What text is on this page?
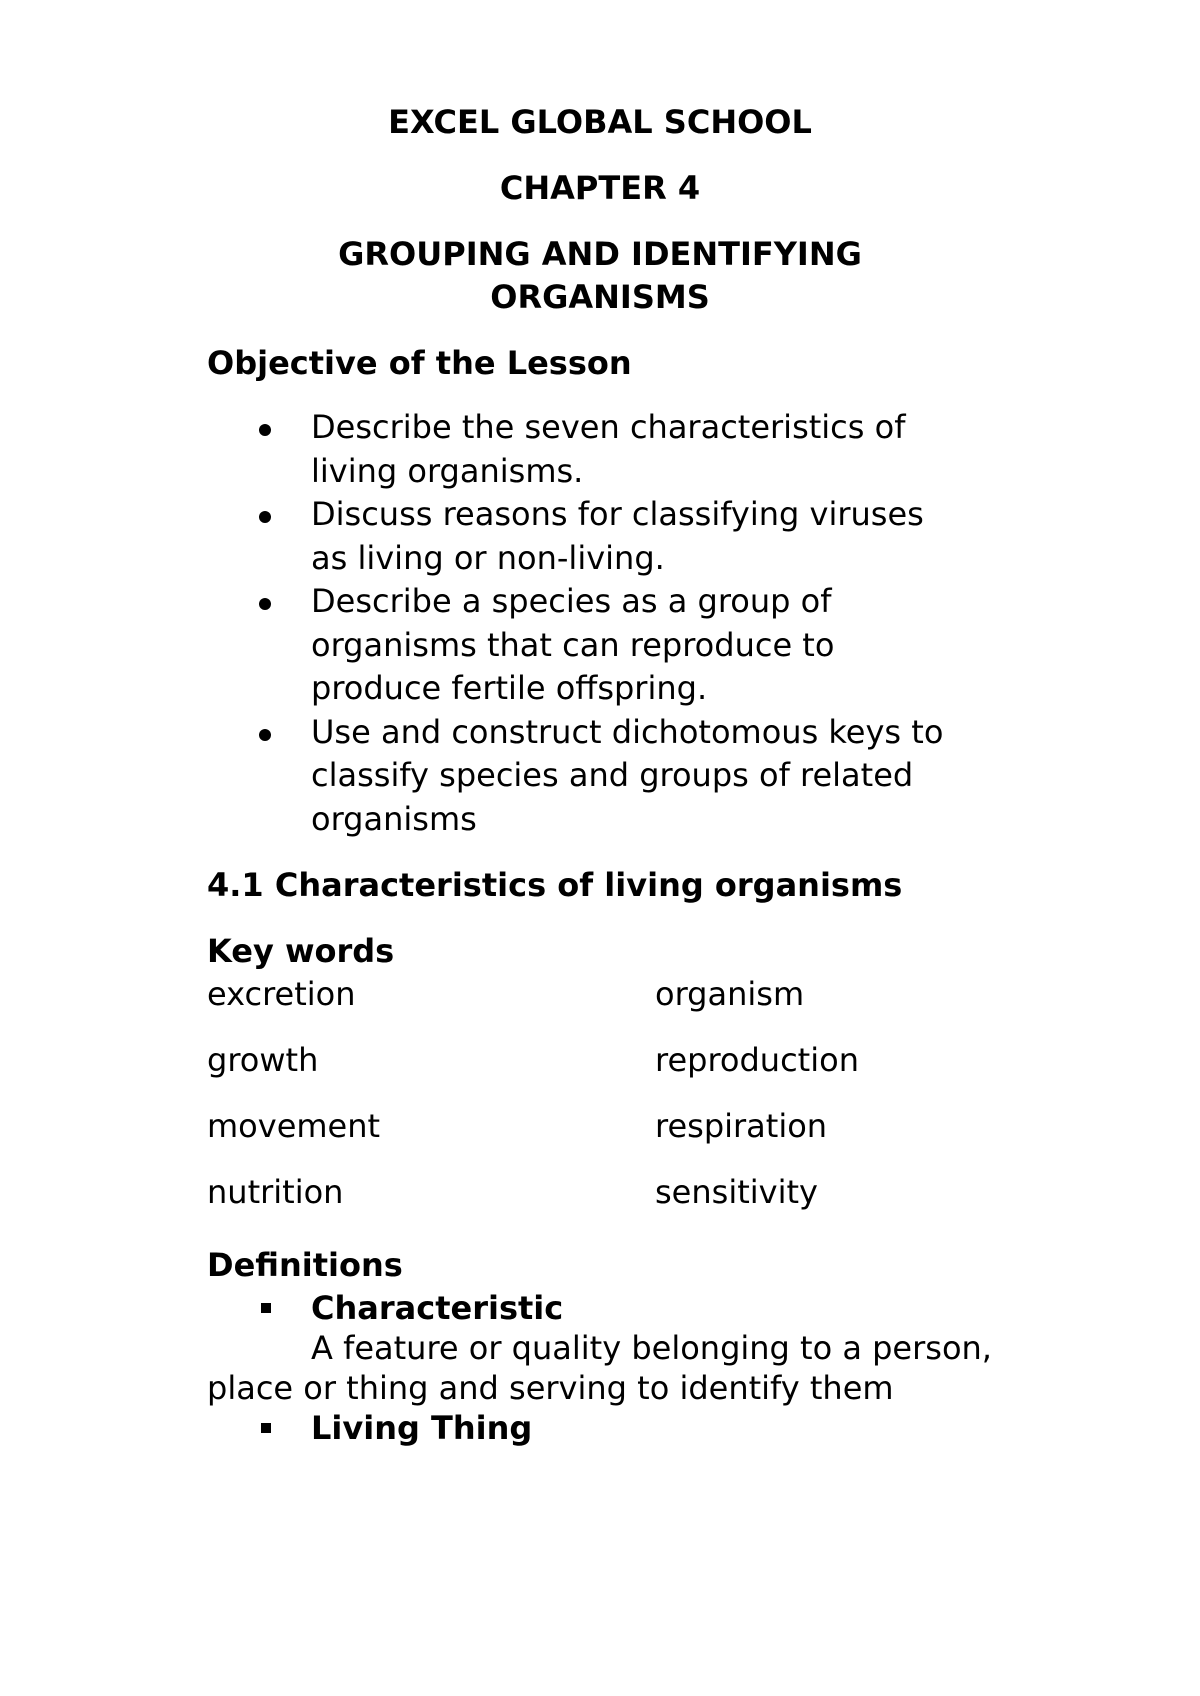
EXCEL GLOBAL SCHOOL

CHAPTER 4

GROUPING AND IDENTIFYING

ORGANISMS

Objective of the Lesson

Describe the seven characteristics of
living organisms.
Discuss reasons for classifying viruses
as living or non-living.
Describe a species as a group of
organisms that can reproduce to
produce fertile offspring.
Use and construct dichotomous keys to
classify species and groups of related
organisms

4.1 Characteristics of living organisms

Key words

excretion	organism
growth	reproduction
movement	respiration
nutrition	sensitivity

Definitions

Characteristic
A feature or quality belonging to a person, place or thing and serving to identify them
Living Thing
